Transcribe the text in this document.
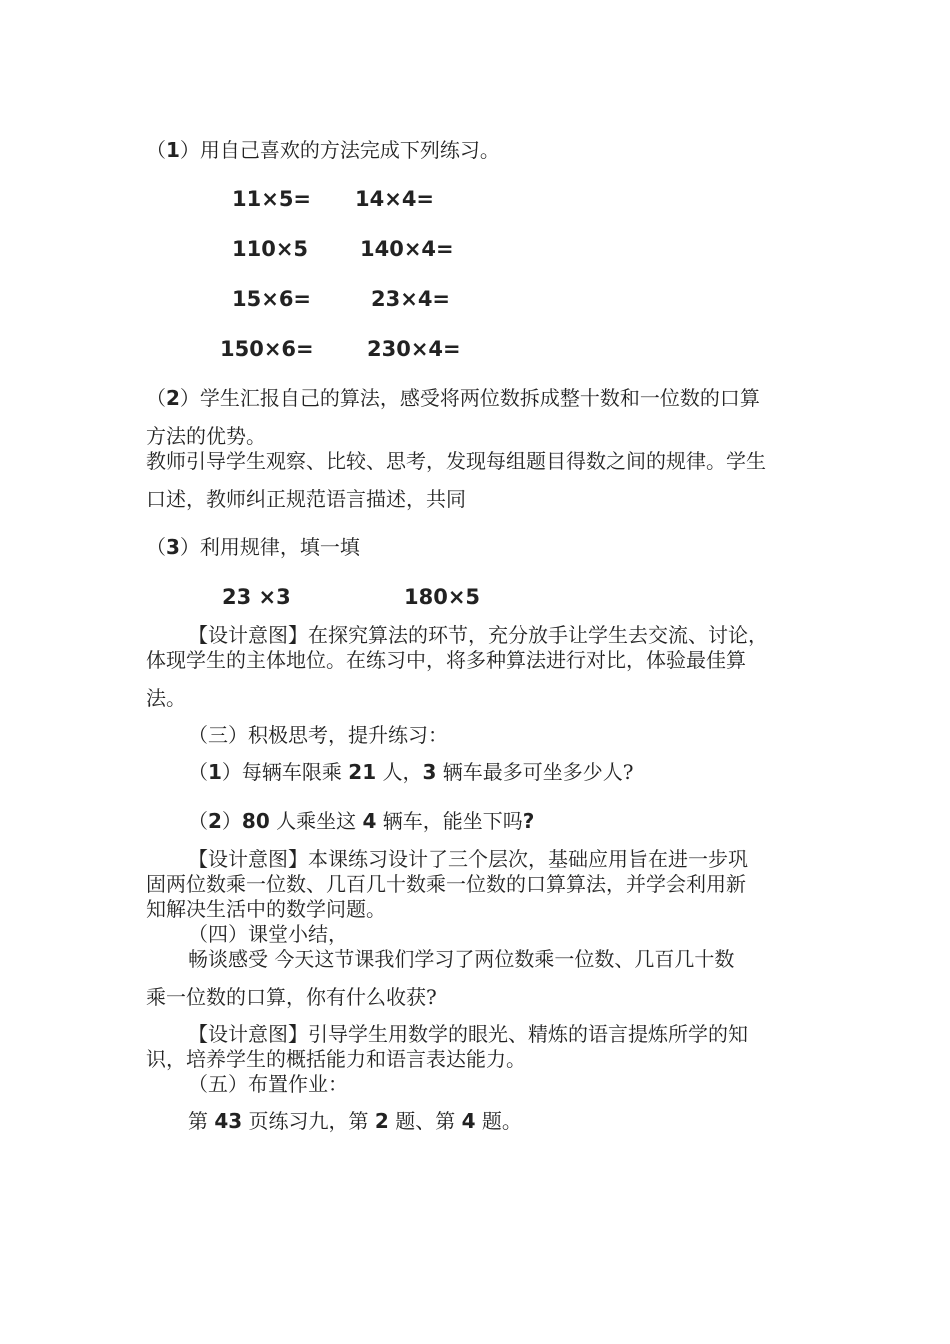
（1）用自己喜欢的方法完成下列练习。
11×5= 14×4=
110×5 140×4=
15×6=	23×4=
150×6=	230×4=
（2）学生汇报自己的算法，感受将两位数拆成整十数和一位数的口算
方法的优势。
教师引导学生观察、比较、思考，发现每组题目得数之间的规律。学生
口述，教师纠正规范语言描述，共同
（3）利用规律，填一填
23 ×3	180×5
【设计意图】在探究算法的环节，充分放手让学生去交流、讨论，
体现学生的主体地位。在练习中，将多种算法进行对比，体验最佳算
法。
（三）积极思考，提升练习：
（1）每辆车限乘 21 人，3 辆车最多可坐多少人?
（2）80 人乘坐这 4 辆车，能坐下吗?
【设计意图】本课练习设计了三个层次，基础应用旨在进一步巩
固两位数乘一位数、几百几十数乘一位数的口算算法，并学会利用新
知解决生活中的数学问题。
（四）课堂小结，
畅谈感受 今天这节课我们学习了两位数乘一位数、几百几十数
乘一位数的口算，你有什么收获?
【设计意图】引导学生用数学的眼光、精炼的语言提炼所学的知
识，培养学生的概括能力和语言表达能力。
（五）布置作业：
第 43 页练习九，第 2 题、第 4 题。
